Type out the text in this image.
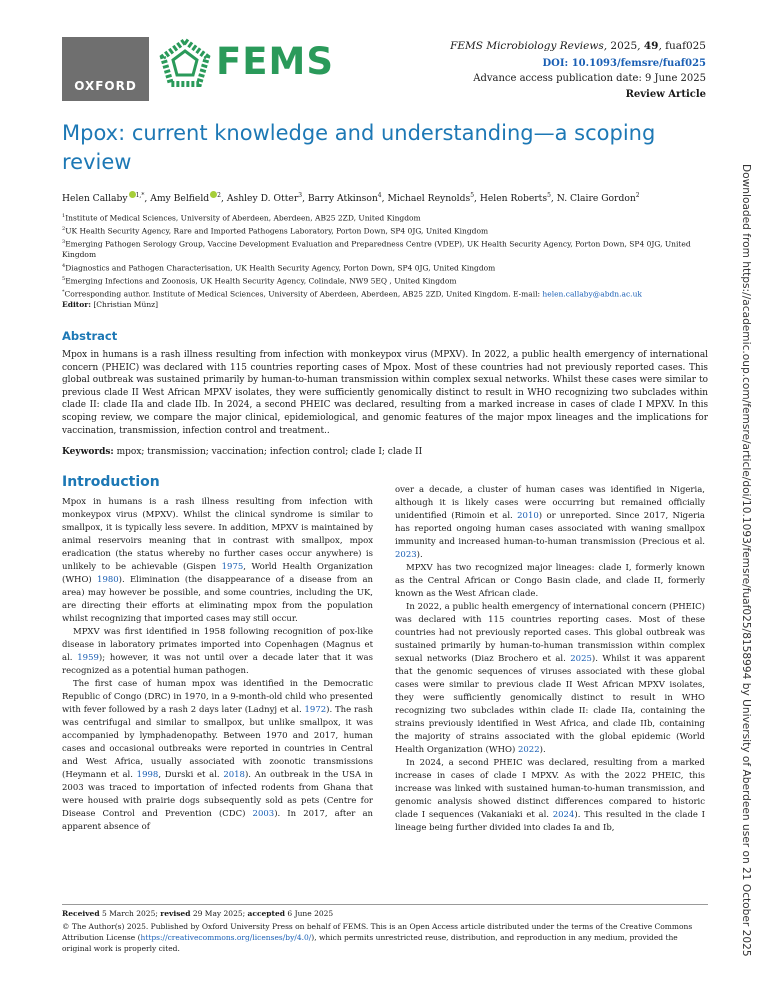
OXFORD
FEMS	FEMS Microbiology Reviews, 2025, 49, fuaf025
DOI: 10.1093/femsre/fuaf025
Advance access publication date: 9 June 2025
Review Article
Mpox: current knowledge and understanding—a scoping review
Helen Callaby $^{1,*}$, Amy Belfield $^2$, Ashley D. Otter$^3$, Barry Atkinson$^4$, Michael Reynolds$^5$, Helen Roberts$^5$, N. Claire Gordon$^2$

$^1$Institute of Medical Sciences, University of Aberdeen, Aberdeen, AB25 2ZD, United Kingdom

$^2$UK Health Security Agency, Rare and Imported Pathogens Laboratory, Porton Down, SP4 0JG, United Kingdom

$^3$Emerging Pathogen Serology Group, Vaccine Development Evaluation and Preparedness Centre (VDEP), UK Health Security Agency, Porton Down, SP4 0JG, United Kingdom

$^4$Diagnostics and Pathogen Characterisation, UK Health Security Agency, Porton Down, SP4 0JG, United Kingdom

$^5$Emerging Infections and Zoonosis, UK Health Security Agency, Colindale, NW9 5EQ , United Kingdom

*Corresponding author. Institute of Medical Sciences, University of Aberdeen, Aberdeen, AB25 2ZD, United Kingdom. E-mail: helen.callaby@abdn.ac.uk

Editor: [Christian Münz]

Abstract

Mpox in humans is a rash illness resulting from infection with monkeypox virus (MPXV). In 2022, a public health emergency of international concern (PHEIC) was declared with 115 countries reporting cases of Mpox. Most of these countries had not previously reported cases. This global outbreak was sustained primarily by human-to-human transmission within complex sexual networks. Whilst these cases were similar to previous clade II West African MPXV isolates, they were sufficiently genomically distinct to result in WHO recognizing two subclades within clade II: clade IIa and clade IIb. In 2024, a second PHEIC was declared, resulting from a marked increase in cases of clade I MPXV. In this scoping review, we compare the major clinical, epidemiological, and genomic features of the major mpox lineages and the implications for vaccination, transmission, infection control and treatment..

Keywords: mpox; transmission; vaccination; infection control; clade I; clade II
Introduction

Mpox in humans is a rash illness resulting from infection with monkeypox virus (MPXV). Whilst the clinical syndrome is similar to smallpox, it is typically less severe. In addition, MPXV is maintained by animal reservoirs meaning that in contrast with smallpox, mpox eradication (the status whereby no further cases occur anywhere) is unlikely to be achievable (Gispen 1975, World Health Organization (WHO) 1980). Elimination (the disappearance of a disease from an area) may however be possible, and some countries, including the UK, are directing their efforts at eliminating mpox from the population whilst recognizing that imported cases may still occur.

MPXV was first identified in 1958 following recognition of pox-like disease in laboratory primates imported into Copenhagen (Magnus et al. 1959); however, it was not until over a decade later that it was recognized as a potential human pathogen.

The first case of human mpox was identified in the Democratic Republic of Congo (DRC) in 1970, in a 9-month-old child who presented with fever followed by a rash 2 days later (Ladnyj et al. 1972). The rash was centrifugal and similar to smallpox, but unlike smallpox, it was accompanied by lymphadenopathy. Between 1970 and 2017, human cases and occasional outbreaks were reported in countries in Central and West Africa, usually associated with zoonotic transmissions (Heymann et al. 1998, Durski et al. 2018). An outbreak in the USA in 2003 was traced to importation of infected rodents from Ghana that were housed with prairie dogs subsequently sold as pets (Centre for Disease Control and Prevention (CDC) 2003). In 2017, after an apparent absence of

over a decade, a cluster of human cases was identified in Nigeria, although it is likely cases were occurring but remained officially unidentified (Rimoin et al. 2010) or unreported. Since 2017, Nigeria has reported ongoing human cases associated with waning smallpox immunity and increased human-to-human transmission (Precious et al. 2023).

MPXV has two recognized major lineages: clade I, formerly known as the Central African or Congo Basin clade, and clade II, formerly known as the West African clade.

In 2022, a public health emergency of international concern (PHEIC) was declared with 115 countries reporting cases. Most of these countries had not previously reported cases. This global outbreak was sustained primarily by human-to-human transmission within complex sexual networks (Diaz Brochero et al. 2025). Whilst it was apparent that the genomic sequences of viruses associated with these global cases were similar to previous clade II West African MPXV isolates, they were sufficiently genomically distinct to result in WHO recognizing two subclades within clade II: clade IIa, containing the strains previously identified in West Africa, and clade IIb, containing the majority of strains associated with the global epidemic (World Health Organization (WHO) 2022).

In 2024, a second PHEIC was declared, resulting from a marked increase in cases of clade I MPXV. As with the 2022 PHEIC, this increase was linked with sustained human-to-human transmission, and genomic analysis showed distinct differences compared to historic clade I sequences (Vakaniaki et al. 2024). This resulted in the clade I lineage being further divided into clades Ia and Ib,

Received 5 March 2025; revised 29 May 2025; accepted 6 June 2025
© The Author(s) 2025. Published by Oxford University Press on behalf of FEMS. This is an Open Access article distributed under the terms of the Creative Commons Attribution License (https://creativecommons.org/licenses/by/4.0/), which permits unrestricted reuse, distribution, and reproduction in any medium, provided the original work is properly cited.	Downloaded from https://academic.oup.com/femsre/article/doi/10.1093/femsre/fuaf025/8158994 by University of Aberdeen user on 21 October 2025
